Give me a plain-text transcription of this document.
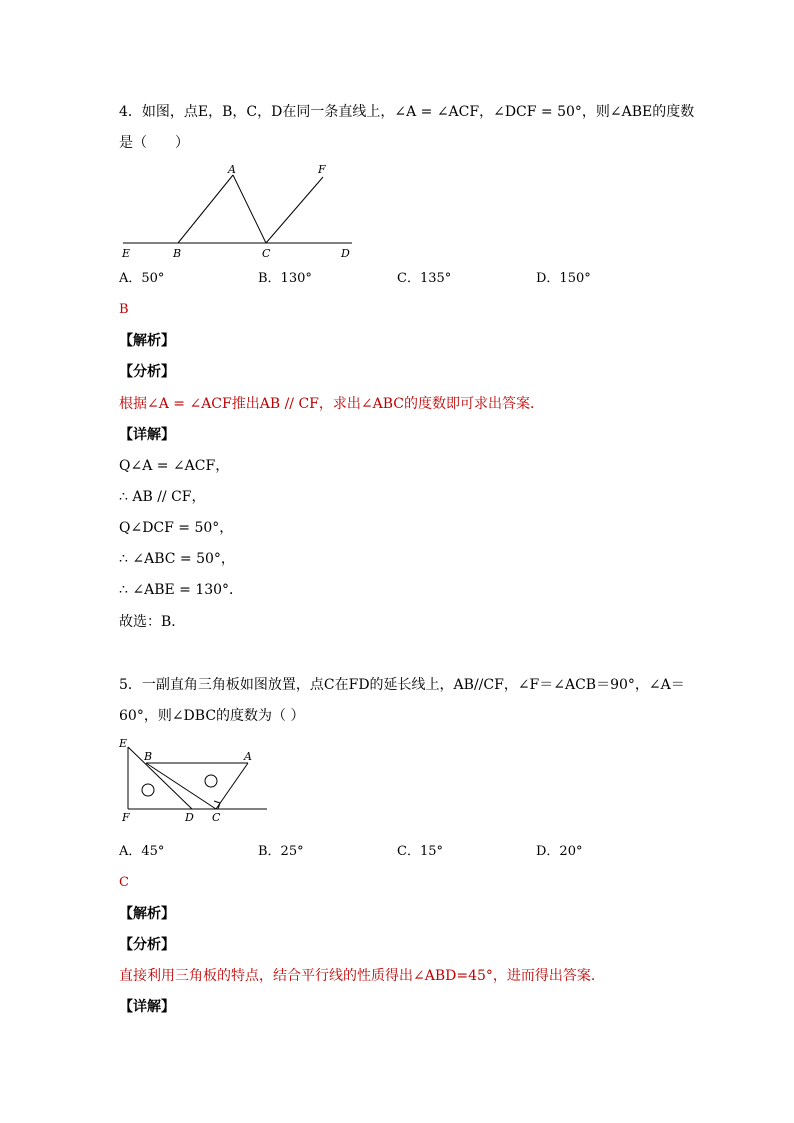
4．如图，点E，B，C，D在同一条直线上，∠A = ∠ACF，∠DCF = 50°，则∠ABE的度数
是（　　）
A	F
E	B	C	D
A．50°	B．130°	C．135°	D．150°
B
【解析】
【分析】
根据∠A = ∠ACF推出AB // CF，求出∠ABC的度数即可求出答案．
【详解】
Q∠A = ∠ACF，
∴ AB // CF，
Q∠DCF = 50°，
∴ ∠ABC = 50°，
∴ ∠ABE = 130°．
故选：B．
5．一副直角三角板如图放置，点C在FD的延长线上，AB//CF，∠F＝∠ACB＝90°，∠A＝
60°，则∠DBC的度数为（ ）
E
B	A
F	D C
A．45°	B．25°	C．15°	D．20°
C
【解析】
【分析】
直接利用三角板的特点，结合平行线的性质得出∠ABD=45°，进而得出答案.
【详解】
